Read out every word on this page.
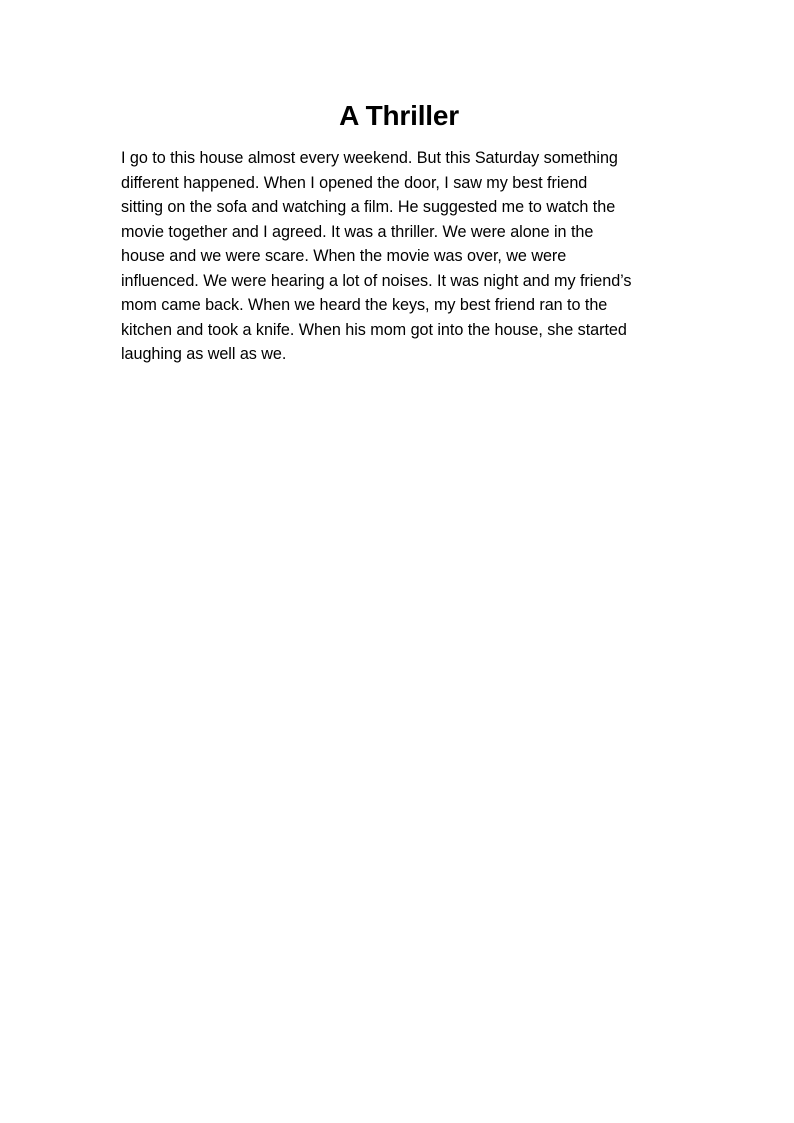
A Thriller

I go to this house almost every weekend. But this Saturday something
different happened. When I opened the door, I saw my best friend
sitting on the sofa and watching a film. He suggested me to watch the
movie together and I agreed. It was a thriller. We were alone in the
house and we were scare. When the movie was over, we were
influenced. We were hearing a lot of noises. It was night and my friend’s
mom came back. When we heard the keys, my best friend ran to the
kitchen and took a knife. When his mom got into the house, she started
laughing as well as we.
